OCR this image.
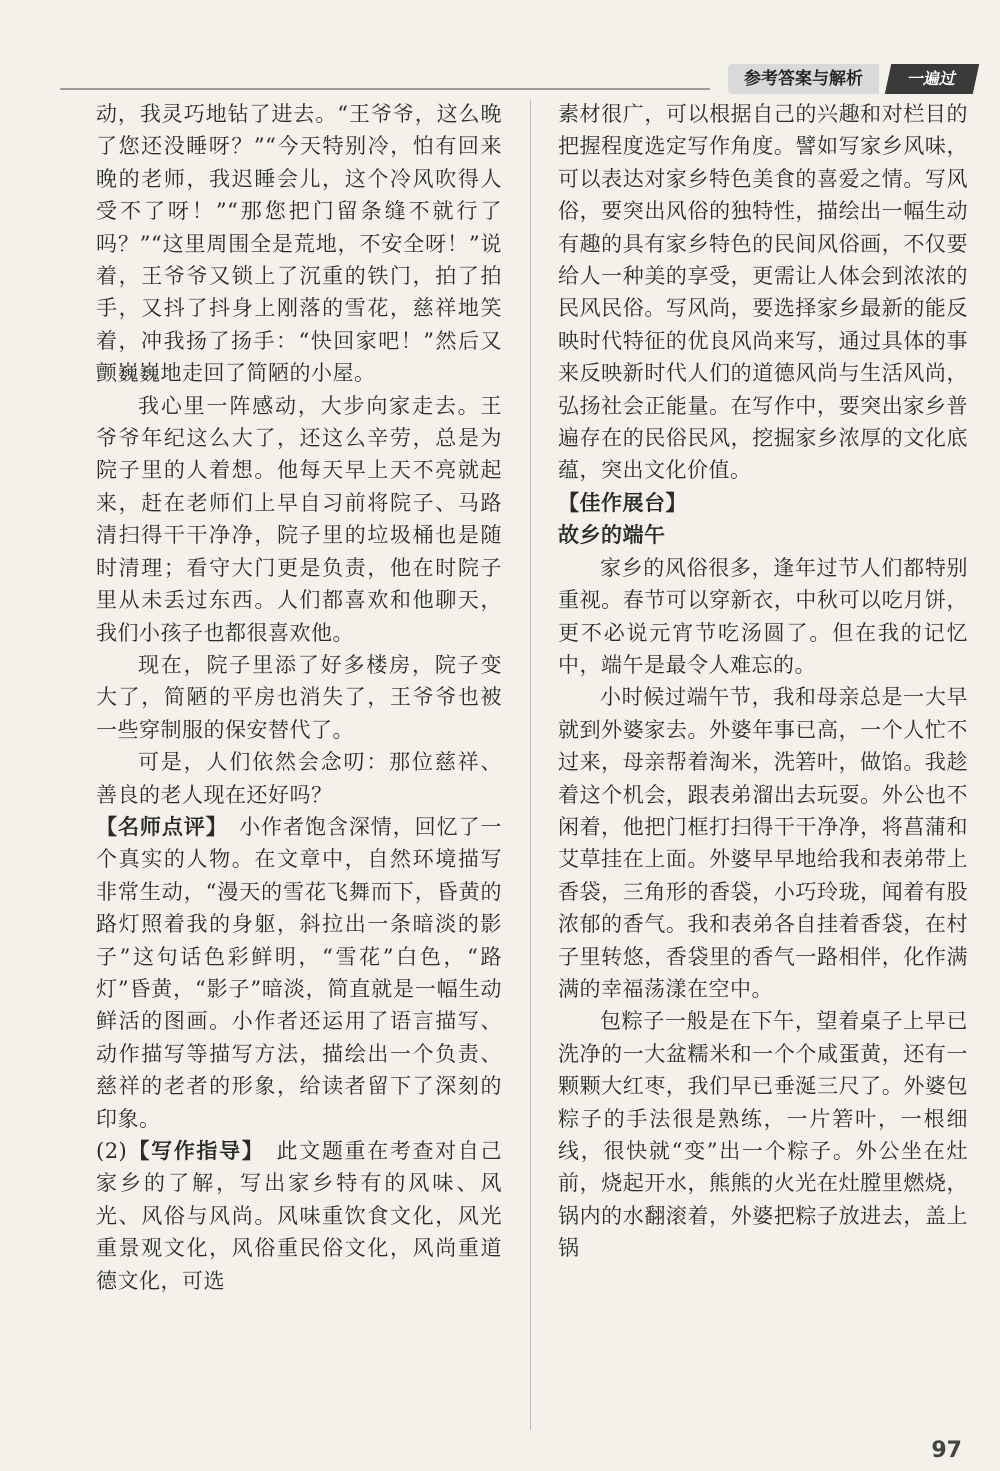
参考答案与解析	一遍过

动，我灵巧地钻了进去。“王爷爷，这么晚了您还没睡呀？”“今天特别冷，怕有回来晚的老师，我迟睡会儿，这个冷风吹得人受不了呀！”“那您把门留条缝不就行了吗？”“这里周围全是荒地，不安全呀！”说着，王爷爷又锁上了沉重的铁门，拍了拍手，又抖了抖身上刚落的雪花，慈祥地笑着，冲我扬了扬手：“快回家吧！”然后又颤巍巍地走回了简陋的小屋。

我心里一阵感动，大步向家走去。王爷爷年纪这么大了，还这么辛劳，总是为院子里的人着想。他每天早上天不亮就起来，赶在老师们上早自习前将院子、马路清扫得干干净净，院子里的垃圾桶也是随时清理；看守大门更是负责，他在时院子里从未丢过东西。人们都喜欢和他聊天，我们小孩子也都很喜欢他。

现在，院子里添了好多楼房，院子变大了，简陋的平房也消失了，王爷爷也被一些穿制服的保安替代了。

可是，人们依然会念叨：那位慈祥、善良的老人现在还好吗？

【名师点评】　小作者饱含深情，回忆了一个真实的人物。在文章中，自然环境描写非常生动，“漫天的雪花飞舞而下，昏黄的路灯照着我的身躯，斜拉出一条暗淡的影子”这句话色彩鲜明，“雪花”白色，“路灯”昏黄，“影子”暗淡，简直就是一幅生动鲜活的图画。小作者还运用了语言描写、动作描写等描写方法，描绘出一个负责、慈祥的老者的形象，给读者留下了深刻的印象。

(2)【写作指导】　此文题重在考查对自己家乡的了解，写出家乡特有的风味、风光、风俗与风尚。风味重饮食文化，风光重景观文化，风俗重民俗文化，风尚重道德文化，可选

素材很广，可以根据自己的兴趣和对栏目的把握程度选定写作角度。譬如写家乡风味，可以表达对家乡特色美食的喜爱之情。写风俗，要突出风俗的独特性，描绘出一幅生动有趣的具有家乡特色的民间风俗画，不仅要给人一种美的享受，更需让人体会到浓浓的民风民俗。写风尚，要选择家乡最新的能反映时代特征的优良风尚来写，通过具体的事来反映新时代人们的道德风尚与生活风尚，弘扬社会正能量。在写作中，要突出家乡普遍存在的民俗民风，挖掘家乡浓厚的文化底蕴，突出文化价值。

【佳作展台】

故乡的端午

家乡的风俗很多，逢年过节人们都特别重视。春节可以穿新衣，中秋可以吃月饼，更不必说元宵节吃汤圆了。但在我的记忆中，端午是最令人难忘的。

小时候过端午节，我和母亲总是一大早就到外婆家去。外婆年事已高，一个人忙不过来，母亲帮着淘米，洗箬叶，做馅。我趁着这个机会，跟表弟溜出去玩耍。外公也不闲着，他把门框打扫得干干净净，将菖蒲和艾草挂在上面。外婆早早地给我和表弟带上香袋，三角形的香袋，小巧玲珑，闻着有股浓郁的香气。我和表弟各自挂着香袋，在村子里转悠，香袋里的香气一路相伴，化作满满的幸福荡漾在空中。

包粽子一般是在下午，望着桌子上早已洗净的一大盆糯米和一个个咸蛋黄，还有一颗颗大红枣，我们早已垂涎三尺了。外婆包粽子的手法很是熟练，一片箬叶，一根细线，很快就“变”出一个粽子。外公坐在灶前，烧起开水，熊熊的火光在灶膛里燃烧，锅内的水翻滚着，外婆把粽子放进去，盖上锅

97
